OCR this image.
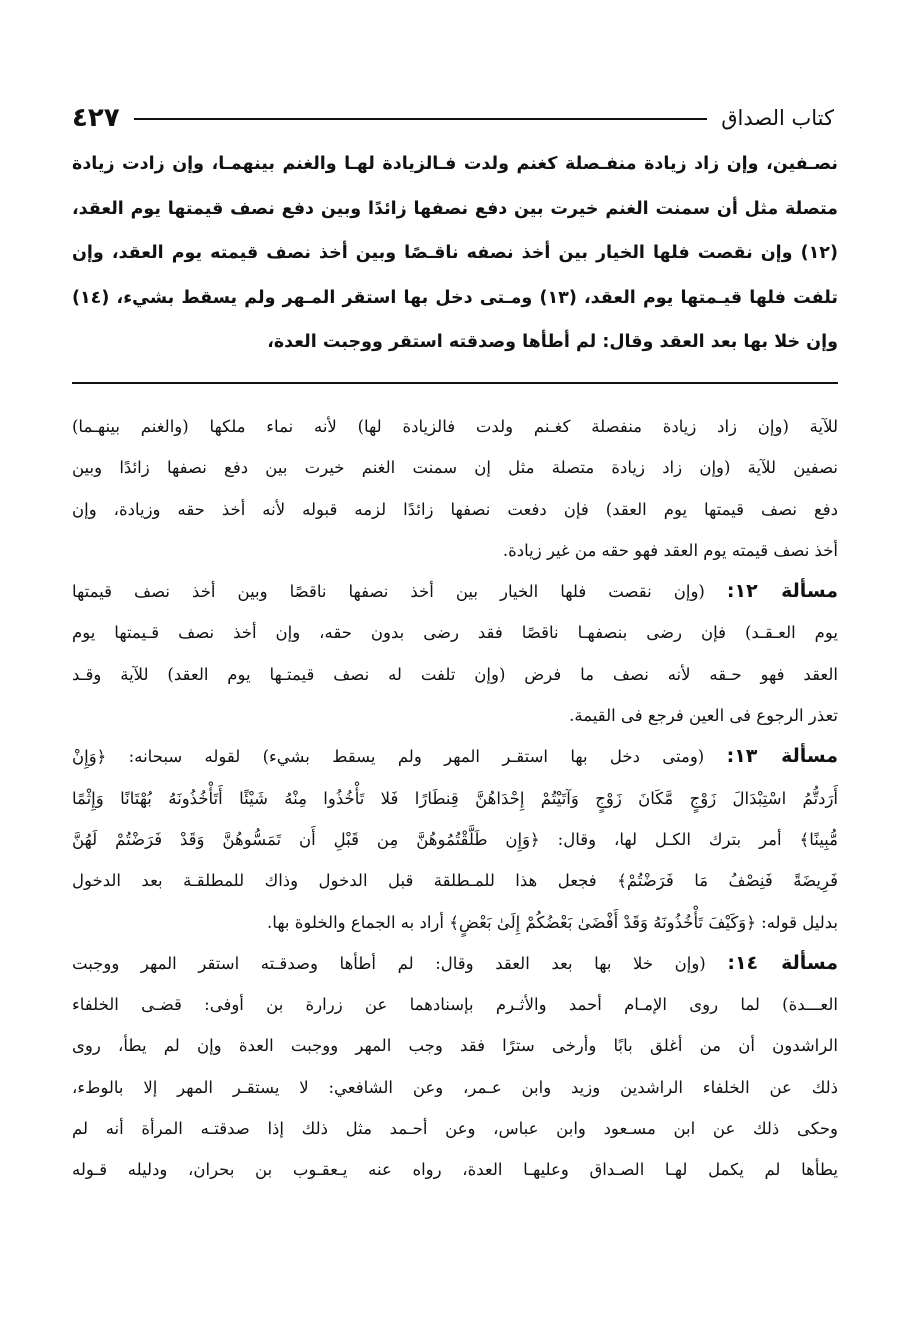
كتاب الصداق
٤٢٧
نصـفين، وإن زاد زيادة منفـصلة كغنم ولدت فـالزيادة لهـا والغنم بينهمـا، وإن زادت زيادة
متصلة مثل أن سمنت الغنم خيرت بين دفع نصفها زائدًا وبين دفع نصف قيمتها يوم العقد،
(١٢) وإن نقصت فلها الخيار بين أخذ نصفه ناقـصًا وبين أخذ نصف قيمته يوم العقد، وإن
تلفت فلها قيـمتها يوم العقد، (١٣) ومـتى دخل بها استقر المـهر ولم يسقط بشيء، (١٤)
وإن خلا بها بعد العقد وقال: لم أطأها وصدقته استقر ووجبت العدة،
للآية (وإن زاد زيادة منفصلة كغـنم ولدت فالزيادة لها) لأنه نماء ملكها (والغنم بينهـما)
نصفين للآية (وإن زاد زيادة متصلة مثل إن سمنت الغنم خيرت بين دفع نصفها زائدًا وبين
دفع نصف قيمتها يوم العقد) فإن دفعت نصفها زائدًا لزمه قبوله لأنه أخذ حقه وزيادة، وإن
أخذ نصف قيمته يوم العقد فهو حقه من غير زيادة.
مسألة ١٢: (وإن نقصت فلها الخيار بين أخذ نصفها ناقصًا وبين أخذ نصف قيمتها
يوم العـقـد) فإن رضى بنصفهـا ناقصًا فقد رضى بدون حقه، وإن أخذ نصف قـيمتها يوم
العقد فهو حـقه لأنه نصف ما فرض (وإن تلفت له نصف قيمتـها يوم العقد) للآية وقـد
تعذر الرجوع فى العين فرجع فى القيمة.
مسألة ١٣: (ومتى دخل بها استقـر المهر ولم يسقط بشيء) لقوله سبحانه: ﴿وَإِنْ
أَرَدتُّمُ اسْتِبْدَالَ زَوْجٍ مَّكَانَ زَوْجٍ وَآتَيْتُمْ إِحْدَاهُنَّ قِنطَارًا فَلا تَأْخُذُوا مِنْهُ شَيْئًا أَتَأْخُذُونَهُ بُهْتَانًا وَإِثْمًا
مُّبِينًا﴾ أمر بترك الكـل لها، وقال: ﴿وَإِن طَلَّقْتُمُوهُنَّ مِن قَبْلِ أَن تَمَسُّوهُنَّ وَقَدْ فَرَضْتُمْ لَهُنَّ
فَرِيضَةً فَنِصْفُ مَا فَرَضْتُمْ﴾ فجعل هذا للمـطلقة قبل الدخول وذاك للمطلقـة بعد الدخول
بدليل قوله: ﴿وَكَيْفَ تَأْخُذُونَهُ وَقَدْ أَفْضَىٰ بَعْضُكُمْ إِلَىٰ بَعْضٍ﴾ أراد به الجماع والخلوة بها.
مسألة ١٤: (وإن خلا بها بعد العقد وقال: لم أطأها وصدقـته استقر المهر ووجبت
العـــدة) لما روى الإمـام أحمد والأثـرم بإسنادهما عن زرارة بن أوفى: قضـى الخلفاء
الراشدون أن من أغلق بابًا وأرخى سترًا فقد وجب المهر ووجبت العدة وإن لم يطأ، روى
ذلك عن الخلفاء الراشدين وزيد وابن عـمر، وعن الشافعي: لا يستقـر المهر إلا بالوطء،
وحكى ذلك عن ابن مسـعود وابن عباس، وعن أحـمد مثل ذلك إذا صدقتـه المرأة أنه لم
يطأها لم يكمل لهـا الصـداق وعليهـا العدة، رواه عنه يـعقـوب بن بحران، ودليله قـوله
